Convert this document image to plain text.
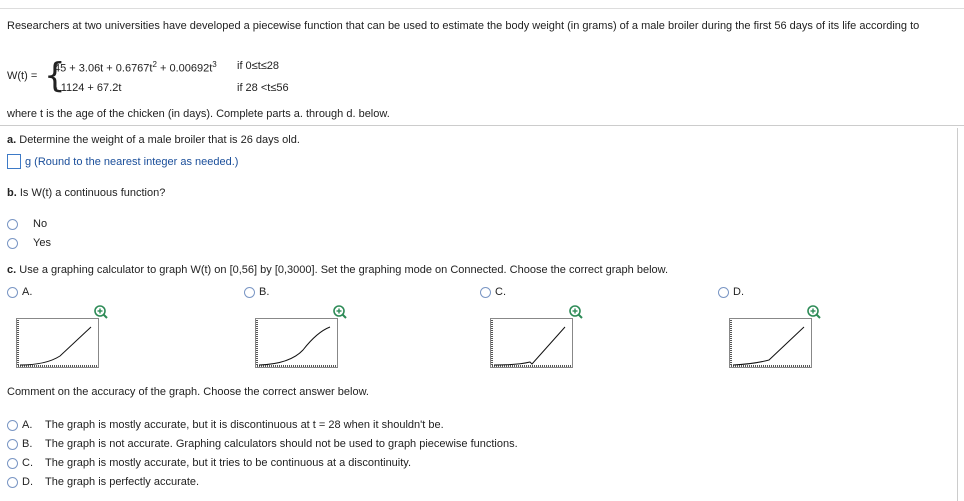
Researchers at two universities have developed a piecewise function that can be used to estimate the body weight (in grams) of a male broiler during the first 56 days of its life according to
W(t) = {
$45 + 3.06t + 0.6767t^2 + 0.00692t^3$ if 0≤t≤28
- 1124 + 67.2t	if 28 <t≤56
where t is the age of the chicken (in days). Complete parts a. through d. below.
a. Determine the weight of a male broiler that is 26 days old.
g (Round to the nearest integer as needed.)
b. Is W(t) a continuous function?
No
Yes
c. Use a graphing calculator to graph W(t) on [0,56] by [0,3000]. Set the graphing mode on Connected. Choose the correct graph below.
A.	B.	C.	D.
Comment on the accuracy of the graph. Choose the correct answer below.
A. The graph is mostly accurate, but it is discontinuous at t = 28 when it shouldn't be.
B. The graph is not accurate. Graphing calculators should not be used to graph piecewise functions.
C. The graph is mostly accurate, but it tries to be continuous at a discontinuity.
D. The graph is perfectly accurate.
